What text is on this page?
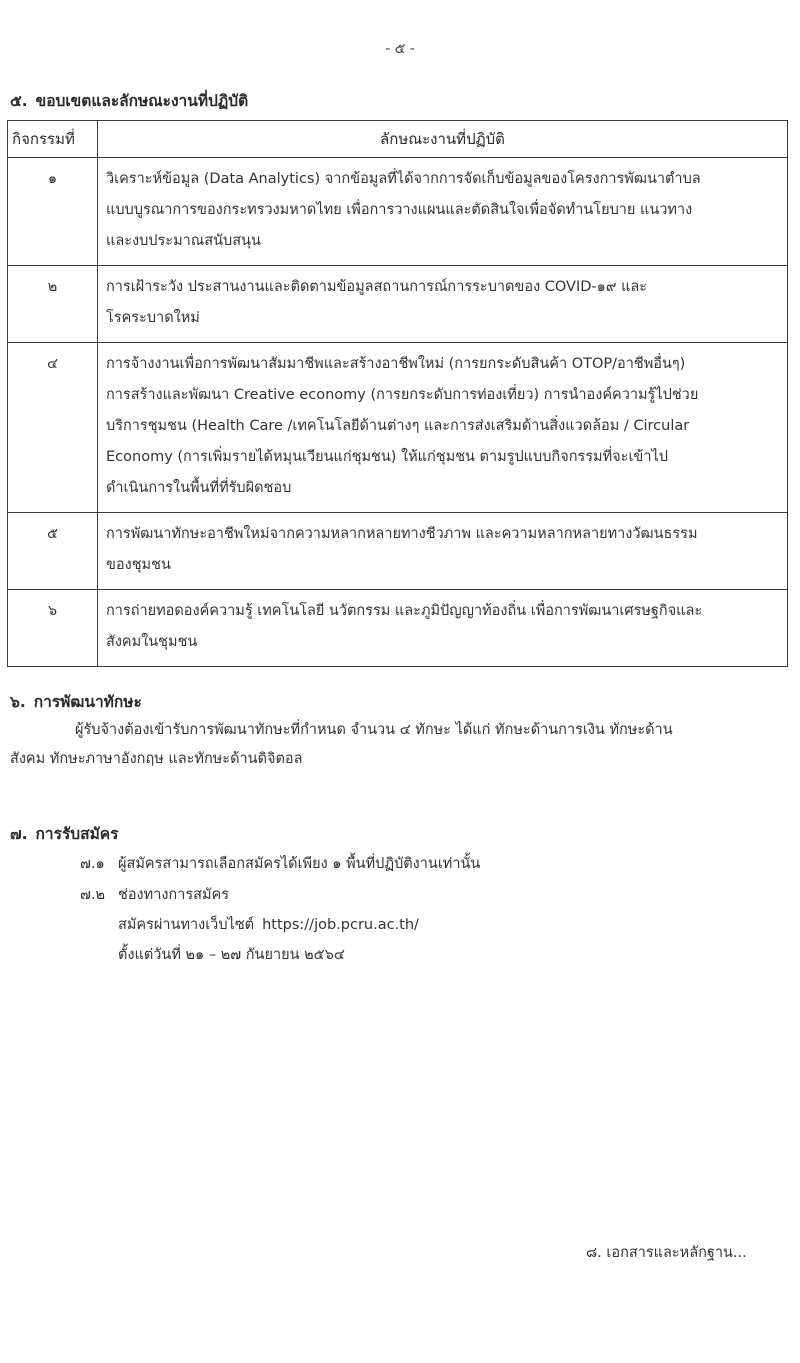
- ๕ -
๕. ขอบเขตและลักษณะงานที่ปฏิบัติ
กิจกรรมที่	ลักษณะงานที่ปฏิบัติ
๑	วิเคราะห์ข้อมูล (Data Analytics) จากข้อมูลที่ได้จากการจัดเก็บข้อมูลของโครงการพัฒนาตำบล
แบบบูรณาการของกระทรวงมหาดไทย เพื่อการวางแผนและตัดสินใจเพื่อจัดทำนโยบาย แนวทาง
และงบประมาณสนับสนุน

๒	การเฝ้าระวัง ประสานงานและติดตามข้อมูลสถานการณ์การระบาดของ COVID-๑๙ และ
โรคระบาดใหม่

๔	การจ้างงานเพื่อการพัฒนาสัมมาชีพและสร้างอาชีพใหม่ (การยกระดับสินค้า OTOP/อาชีพอื่นๆ)
การสร้างและพัฒนา Creative economy (การยกระดับการท่องเที่ยว) การนำองค์ความรู้ไปช่วย
บริการชุมชน (Health Care /เทคโนโลยีด้านต่างๆ และการส่งเสริมด้านสิ่งแวดล้อม / Circular
Economy (การเพิ่มรายได้หมุนเวียนแก่ชุมชน) ให้แก่ชุมชน ตามรูปแบบกิจกรรมที่จะเข้าไป
ดำเนินการในพื้นที่ที่รับผิดชอบ

๕	การพัฒนาทักษะอาชีพใหม่จากความหลากหลายทางชีวภาพ และความหลากหลายทางวัฒนธรรม
ของชุมชน

๖	การถ่ายทอดองค์ความรู้ เทคโนโลยี นวัตกรรม และภูมิปัญญาท้องถิ่น เพื่อการพัฒนาเศรษฐกิจและ
สังคมในชุมชน
๖. การพัฒนาทักษะ
ผู้รับจ้างต้องเข้ารับการพัฒนาทักษะที่กำหนด จำนวน ๔ ทักษะ ได้แก่ ทักษะด้านการเงิน ทักษะด้าน
สังคม ทักษะภาษาอังกฤษ และทักษะด้านดิจิตอล
๗. การรับสมัคร
๗.๑ ผู้สมัครสามารถเลือกสมัครได้เพียง ๑ พื้นที่ปฏิบัติงานเท่านั้น
๗.๒ ช่องทางการสมัคร
สมัครผ่านทางเว็บไซต์ https://job.pcru.ac.th/
ตั้งแต่วันที่ ๒๑ – ๒๗ กันยายน ๒๕๖๔
๘. เอกสารและหลักฐาน...
